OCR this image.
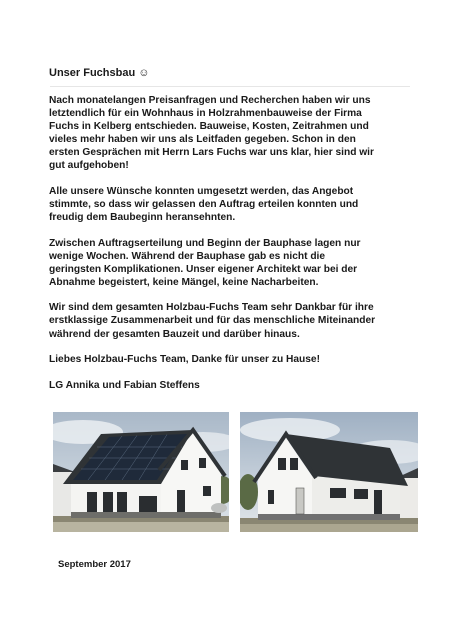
Unser Fuchsbau ☺

Nach monatelangen Preisanfragen und Recherchen haben wir uns
letztendlich für ein Wohnhaus in Holzrahmenbauweise der Firma
Fuchs in Kelberg entschieden. Bauweise, Kosten, Zeitrahmen und
vieles mehr haben wir uns als Leitfaden gegeben. Schon in den
ersten Gesprächen mit Herrn Lars Fuchs war uns klar, hier sind wir
gut aufgehoben!

Alle unsere Wünsche konnten umgesetzt werden, das Angebot
stimmte, so dass wir gelassen den Auftrag erteilen konnten und
freudig dem Baubeginn heransehnten.

Zwischen Auftragserteilung und Beginn der Bauphase lagen nur
wenige Wochen. Während der Bauphase gab es nicht die
geringsten Komplikationen. Unser eigener Architekt war bei der
Abnahme begeistert, keine Mängel, keine Nacharbeiten.

Wir sind dem gesamten Holzbau-Fuchs Team sehr Dankbar für ihre
erstklassige Zusammenarbeit und für das menschliche Miteinander
während der gesamten Bauzeit und darüber hinaus.

Liebes Holzbau-Fuchs Team, Danke für unser zu Hause!

LG Annika und Fabian Steffens

September 2017
